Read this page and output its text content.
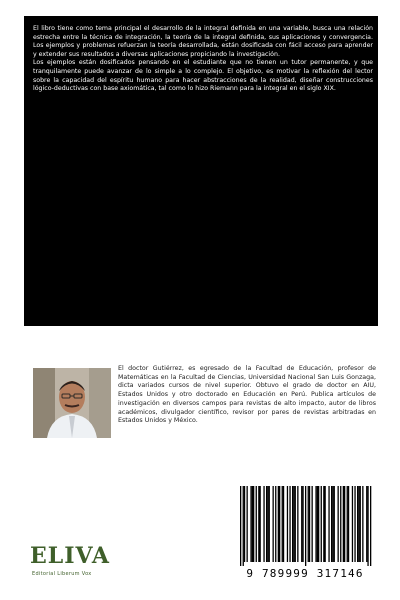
El libro tiene como tema principal el desarrollo de la integral definida en una variable, busca una relación estrecha entre la técnica de integración, la teoría de la integral definida, sus aplicaciones y convergencia. Los ejemplos y problemas refuerzan la teoría desarrollada, están dosificada con fácil acceso para aprender y extender sus resultados a diversas aplicaciones propiciando la investigación.

Los ejemplos están dosificados pensando en el estudiante que no tienen un tutor permanente, y que tranquilamente puede avanzar de lo simple a lo complejo. El objetivo, es motivar la reflexión del lector sobre la capacidad del espíritu humano para hacer abstracciones de la realidad, diseñar construcciones lógico-deductivas con base axiomática, tal como lo hizo Riemann para la integral en el siglo XIX.

El doctor Gutiérrez, es egresado de la Facultad de Educación, profesor de Matemáticas en la Facultad de Ciencias, Universidad Nacional San Luis Gonzaga, dicta variados cursos de nivel superior. Obtuvo el grado de doctor en AIU, Estados Unidos y otro doctorado en Educación en Perú. Publica artículos de investigación en diversos campos para revistas de alto impacto, autor de libros académicos, divulgador científico, revisor por pares de revistas arbitradas en Estados Unidos y México.

ELIVA
Editorial Liberum Vox	9 789999 317146
